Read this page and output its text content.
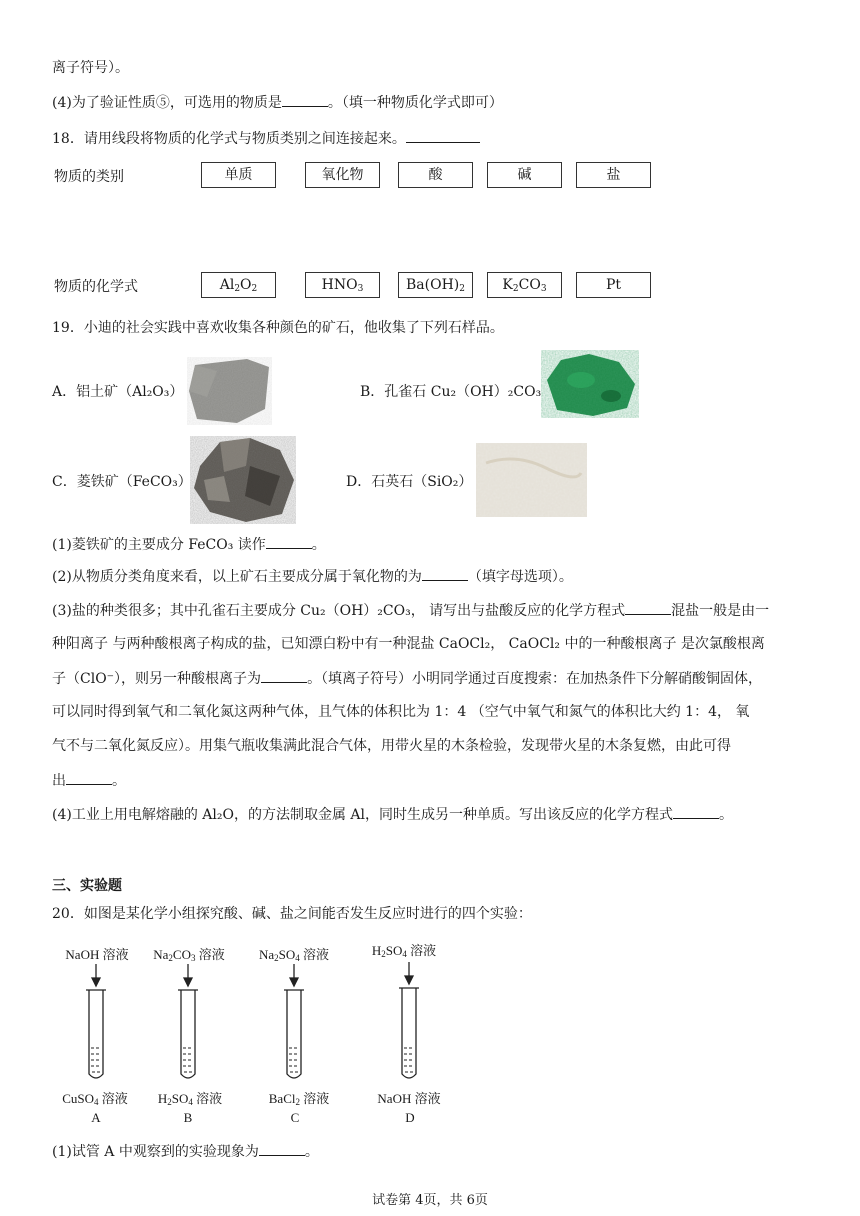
离子符号）。
(4)为了验证性质⑤，可选用的物质是	。（填一种物质化学式即可）
18．请用线段将物质的化学式与物质类别之间连接起来。
物质的类别	单质	氧化物	酸	碱	盐
物质的化学式	$Al_2O_2$	$HNO_3$	$Ba(OH)_2$	$K_2CO_3$	Pt
19．小迪的社会实践中喜欢收集各种颜色的矿石，他收集了下列石样品。
A．铝土矿（Al₂O₃）	B．孔雀石 Cu₂（OH）₂CO₃
C．菱铁矿（FeCO₃）	D．石英石（SiO₂）
(1)菱铁矿的主要成分 FeCO₃ 读作	。
(2)从物质分类角度来看，以上矿石主要成分属于氧化物的为	（填字母选项）。
(3)盐的种类很多；其中孔雀石主要成分 Cu₂（OH）₂CO₃， 请写出与盐酸反应的化学方程式	混盐一般是由一
种阳离子 与两种酸根离子构成的盐，已知漂白粉中有一种混盐 CaOCl₂， CaOCl₂ 中的一种酸根离子 是次氯酸根离
子（ClO⁻），则另一种酸根离子为	。（填离子符号）小明同学通过百度搜索：在加热条件下分解硝酸铜固体，
可以同时得到氧气和二氧化氮这两种气体，且气体的体积比为 1：4 （空气中氧气和氮气的体积比大约 1：4， 氧
气不与二氧化氮反应）。用集气瓶收集满此混合气体，用带火星的木条检验，发现带火星的木条复燃，由此可得
出	。
(4)工业上用电解熔融的 Al₂O，的方法制取金属 Al，同时生成另一种单质。写出该反应的化学方程式	。
三、实验题
20．如图是某化学小组探究酸、碱、盐之间能否发生反应时进行的四个实验：
NaOH 溶液	$Na_2CO_3$ 溶液	$Na_2SO_4$ 溶液	$H_2SO_4$ 溶液
CuSO$_4$ 溶液	$H_2SO_4$ 溶液	BaCl$_2$ 溶液	NaOH 溶液
A	B	C	D
(1)试管 A 中观察到的实验现象为	。
试卷第 4页，共 6页
